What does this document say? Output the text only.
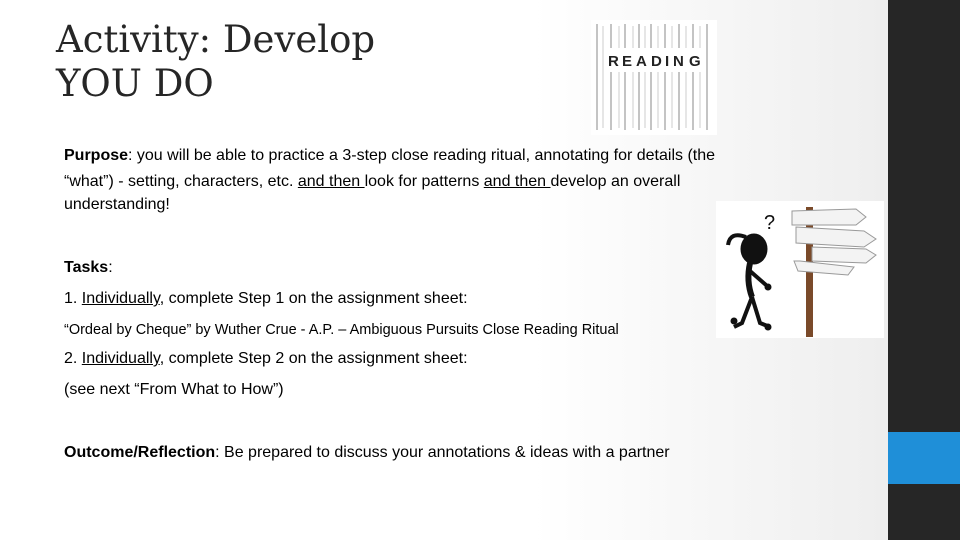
Activity: Develop
YOU DO
R E A D I N G
Purpose: you will be able to practice a 3-step close reading ritual, annotating for details (the
“what”) - setting, characters, etc. and then look for patterns and then develop an overall
understanding!
Tasks:
1. Individually, complete Step 1 on the assignment sheet:
“Ordeal by Cheque” by Wuther Crue - A.P. – Ambiguous Pursuits Close Reading Ritual
2. Individually, complete Step 2 on the assignment sheet:
(see next “From What to How”)
Outcome/Reflection: Be prepared to discuss your annotations & ideas with a partner
?
